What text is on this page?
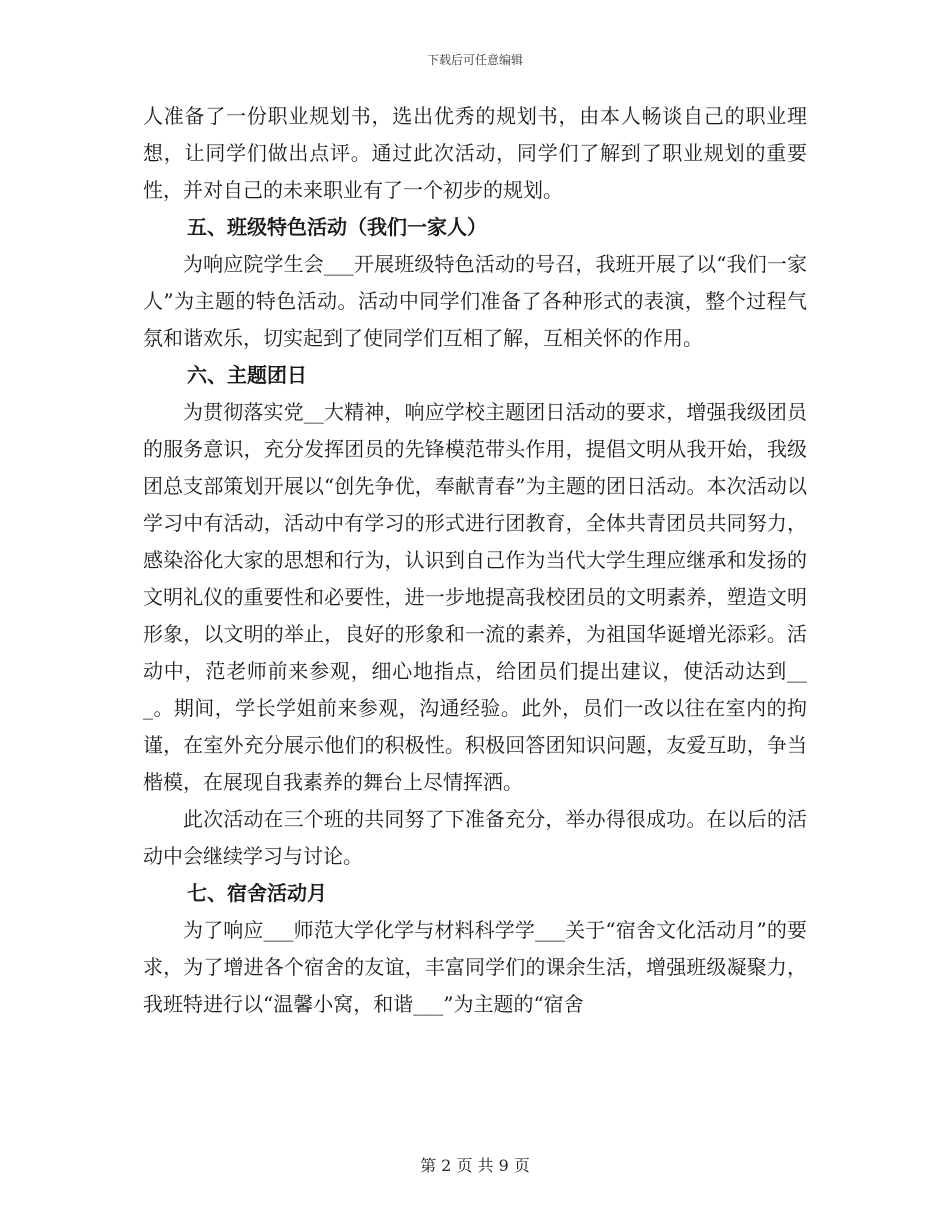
下载后可任意编辑

人准备了一份职业规划书，选出优秀的规划书，由本人畅谈自己的职业理想，让同学们做出点评。通过此次活动，同学们了解到了职业规划的重要性，并对自己的未来职业有了一个初步的规划。

五、班级特色活动（我们一家人）

为响应院学生会___开展班级特色活动的号召，我班开展了以“我们一家人”为主题的特色活动。活动中同学们准备了各种形式的表演，整个过程气氛和谐欢乐，切实起到了使同学们互相了解，互相关怀的作用。

六、主题团日

为贯彻落实党__大精神，响应学校主题团日活动的要求，增强我级团员的服务意识，充分发挥团员的先锋模范带头作用，提倡文明从我开始，我级团总支部策划开展以“创先争优，奉献青春”为主题的团日活动。本次活动以学习中有活动，活动中有学习的形式进行团教育，全体共青团员共同努力，感染浴化大家的思想和行为，认识到自己作为当代大学生理应继承和发扬的文明礼仪的重要性和必要性，进一步地提高我校团员的文明素养，塑造文明形象，以文明的举止，良好的形象和一流的素养，为祖国华诞增光添彩。活动中，范老师前来参观，细心地指点，给团员们提出建议，使活动达到___。期间，学长学姐前来参观，沟通经验。此外，员们一改以往在室内的拘谨，在室外充分展示他们的积极性。积极回答团知识问题，友爱互助，争当楷模，在展现自我素养的舞台上尽情挥洒。

此次活动在三个班的共同努了下准备充分，举办得很成功。在以后的活动中会继续学习与讨论。

七、宿舍活动月

为了响应___师范大学化学与材料科学学___关于“宿舍文化活动月”的要求，为了增进各个宿舍的友谊，丰富同学们的课余生活，增强班级凝聚力，我班特进行以“温馨小窝，和谐___”为主题的“宿舍

第 2 页 共 9 页
